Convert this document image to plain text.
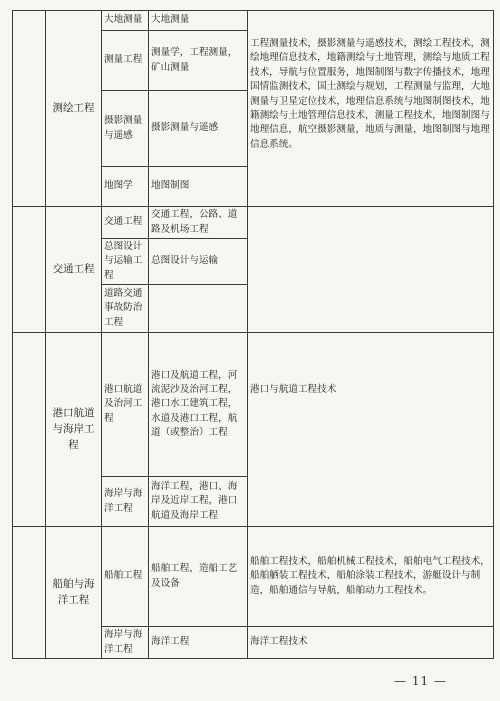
	测绘工程	大地测量	大地测量	工程测量技术，摄影测量与遥感技术，测绘工程技术，测绘地理信息技术，地籍测绘与土地管理，测绘与地质工程技术，导航与位置服务，地图制图与数字传播技术，地理国情监测技术，国土测绘与规划，工程测量与监理，大地测量与卫星定位技术，地理信息系统与地图制图技术，地籍测绘与土地管理信息技术，测量工程技术，地图制图与地理信息，航空摄影测量，地质与测量，地图制图与地理信息系统。
		测量工程	测量学，工程测量，矿山测量	
		摄影测量与遥感	摄影测量与遥感	
		地图学	地图制图	
	交通工程	交通工程	交通工程，公路、道路及机场工程	
		总图设计与运输工程	总图设计与运输	
		道路交通事故防治工程		
	港口航道与海岸工程	港口航道及治河工程	港口及航道工程，河流泥沙及治河工程，港口水工建筑工程，水道及港口工程，航道（或整治）工程	港口与航道工程技术
		海岸与海洋工程	海洋工程，港口、海岸及近岸工程，港口航道及海岸工程	
	船舶与海洋工程	船舶工程	船舶工程，造船工艺及设备	船舶工程技术，船舶机械工程技术，船舶电气工程技术，船舶舾装工程技术，船舶涂装工程技术，游艇设计与制造，船舶通信与导航，船舶动力工程技术。
		海岸与海洋工程	海洋工程	海洋工程技术
— 11 —
